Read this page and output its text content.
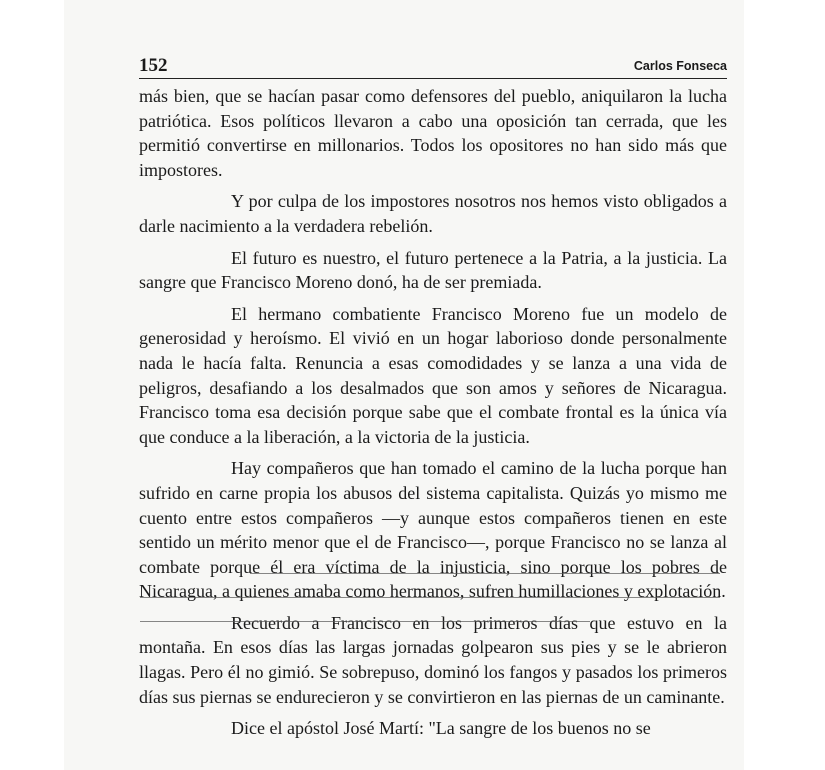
152	Carlos Fonseca

más bien, que se hacían pasar como defensores del pueblo, aniquilaron la lucha patriótica. Esos políticos llevaron a cabo una oposición tan cerrada, que les permitió convertirse en millonarios. Todos los opositores no han sido más que impostores.

Y por culpa de los impostores nosotros nos hemos visto obligados a darle nacimiento a la verdadera rebelión.

El futuro es nuestro, el futuro pertenece a la Patria, a la justicia. La sangre que Francisco Moreno donó, ha de ser premiada.

El hermano combatiente Francisco Moreno fue un modelo de generosidad y heroísmo. El vivió en un hogar laborioso donde personalmente nada le hacía falta. Renuncia a esas comodidades y se lanza a una vida de peligros, desafiando a los desalmados que son amos y señores de Nicaragua. Francisco toma esa decisión porque sabe que el combate frontal es la única vía que conduce a la liberación, a la victoria de la justicia.

Hay compañeros que han tomado el camino de la lucha porque han sufrido en carne propia los abusos del sistema capitalista. Quizás yo mismo me cuento entre estos compañeros —y aunque estos compañeros tienen en este sentido un mérito menor que el de Francisco—, porque Francisco no se lanza al combate porque él era víctima de la injusticia, sino porque los pobres de Nicaragua, a quienes amaba como hermanos, sufren humillaciones y explotación.

Recuerdo a Francisco en los primeros días que estuvo en la montaña. En esos días las largas jornadas golpearon sus pies y se le abrieron llagas. Pero él no gimió. Se sobrepuso, dominó los fangos y pasados los primeros días sus piernas se endurecieron y se convirtieron en las piernas de un caminante.

Dice el apóstol José Martí: "La sangre de los buenos no se
